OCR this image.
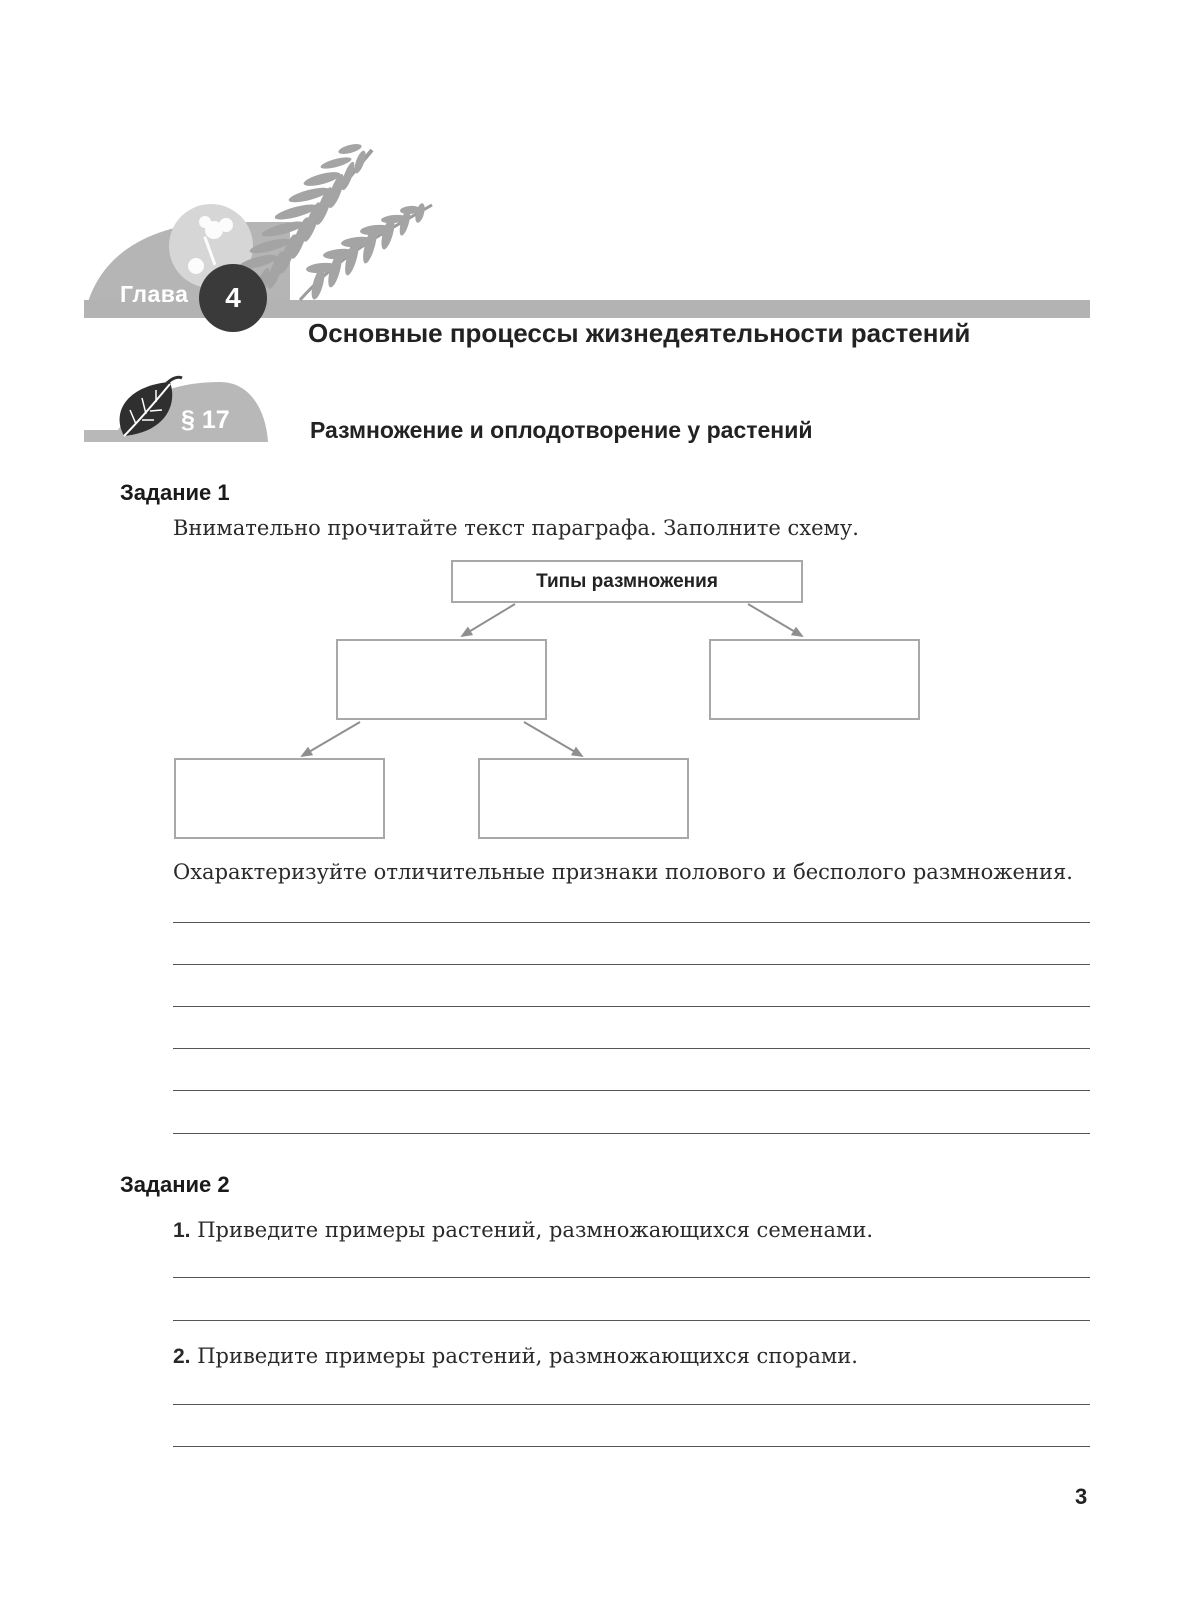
Глава	4
Основные процессы жизнедеятельности растений
§ 17	Размножение и оплодотворение у растений
Задание 1
Внимательно прочитайте текст параграфа. Заполните схему.
Типы размножения
Охарактеризуйте отличительные признаки полового и бесполого размножения.
Задание 2
1. Приведите примеры растений, размножающихся семенами.
2. Приведите примеры растений, размножающихся спорами.
3
